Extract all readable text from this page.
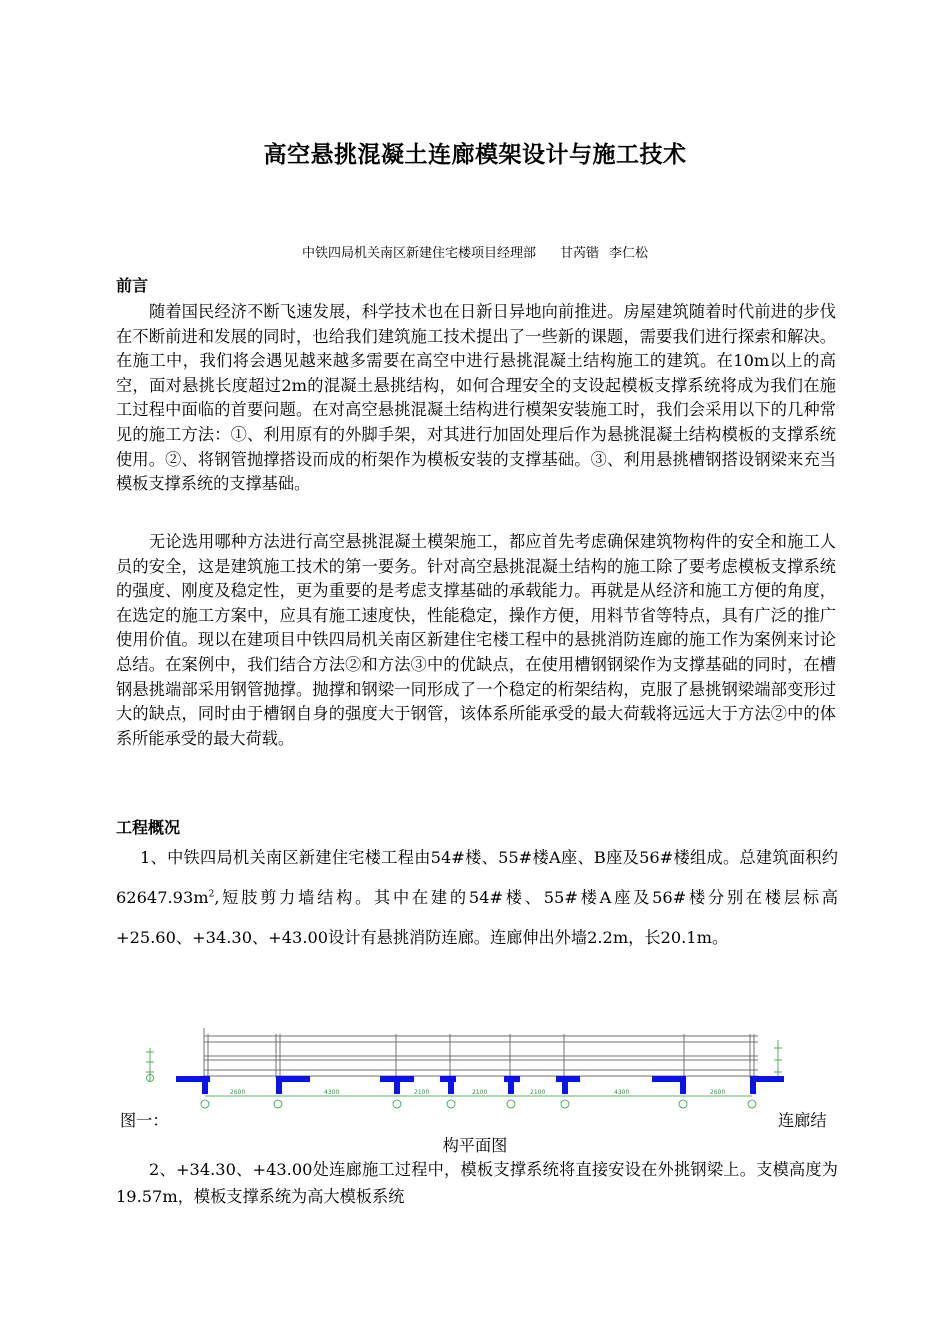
高空悬挑混凝土连廊模架设计与施工技术
中铁四局机关南区新建住宅楼项目经理部 甘芮锴 李仁松
前言

随着国民经济不断飞速发展，科学技术也在日新日异地向前推进。房屋建筑随着时代前进的步伐在不断前进和发展的同时，也给我们建筑施工技术提出了一些新的课题，需要我们进行探索和解决。在施工中，我们将会遇见越来越多需要在高空中进行悬挑混凝土结构施工的建筑。在10m以上的高空，面对悬挑长度超过2m的混凝土悬挑结构，如何合理安全的支设起模板支撑系统将成为我们在施工过程中面临的首要问题。在对高空悬挑混凝土结构进行模架安装施工时，我们会采用以下的几种常见的施工方法：①、利用原有的外脚手架，对其进行加固处理后作为悬挑混凝土结构模板的支撑系统使用。②、将钢管抛撑搭设而成的桁架作为模板安装的支撑基础。③、利用悬挑槽钢搭设钢梁来充当模板支撑系统的支撑基础。

无论选用哪种方法进行高空悬挑混凝土模架施工，都应首先考虑确保建筑物构件的安全和施工人员的安全，这是建筑施工技术的第一要务。针对高空悬挑混凝土结构的施工除了要考虑模板支撑系统的强度、刚度及稳定性，更为重要的是考虑支撑基础的承载能力。再就是从经济和施工方便的角度，在选定的施工方案中，应具有施工速度快，性能稳定，操作方便，用料节省等特点，具有广泛的推广使用价值。现以在建项目中铁四局机关南区新建住宅楼工程中的悬挑消防连廊的施工作为案例来讨论总结。在案例中，我们结合方法②和方法③中的优缺点，在使用槽钢钢梁作为支撑基础的同时，在槽钢悬挑端部采用钢管抛撑。抛撑和钢梁一同形成了一个稳定的桁架结构，克服了悬挑钢梁端部变形过大的缺点，同时由于槽钢自身的强度大于钢管，该体系所能承受的最大荷载将远远大于方法②中的体系所能承受的最大荷载。

工程概况

1、中铁四局机关南区新建住宅楼工程由54#楼、55#楼A座、B座及56#楼组成。总建筑面积约$62647.93m^2$,短肢剪力墙结构。其中在建的54#楼、55#楼A座及56#楼分别在楼层标高+25.60、+34.30、+43.00设计有悬挑消防连廊。连廊伸出外墙2.2m，长20.1m。

2600	4300	2100	2100	2100	4300	2600
图一：	连廊结
构平面图

2、+34.30、+43.00处连廊施工过程中，模板支撑系统将直接安设在外挑钢梁上。支模高度为19.57m，模板支撑系统为高大模板系统
